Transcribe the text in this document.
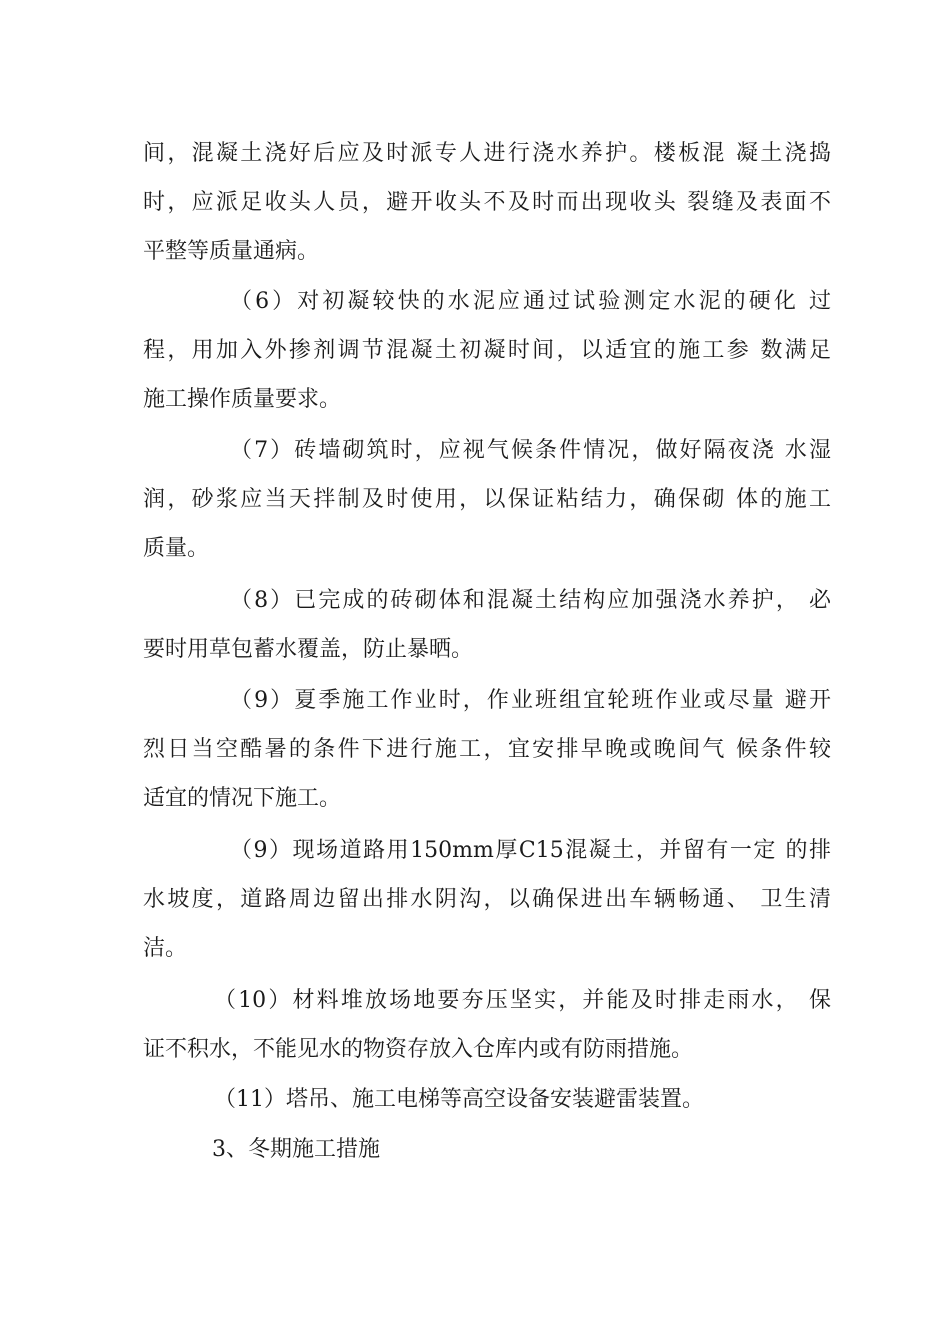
间，混凝土浇好后应及时派专人进行浇水养护。楼板混 凝土浇捣
时，应派足收头人员，避开收头不及时而出现收头 裂缝及表面不
平整等质量通病。
（6）对初凝较快的水泥应通过试验测定水泥的硬化 过
程，用加入外掺剂调节混凝土初凝时间，以适宜的施工参 数满足
施工操作质量要求。
（7）砖墙砌筑时，应视气候条件情况，做好隔夜浇 水湿
润，砂浆应当天拌制及时使用，以保证粘结力，确保砌 体的施工
质量。
（8）已完成的砖砌体和混凝土结构应加强浇水养护， 必
要时用草包蓄水覆盖，防止暴晒。
（9）夏季施工作业时，作业班组宜轮班作业或尽量 避开
烈日当空酷暑的条件下进行施工，宜安排早晚或晚间气 候条件较
适宜的情况下施工。
（9）现场道路用150mm厚C15混凝土，并留有一定 的排
水坡度，道路周边留出排水阴沟，以确保进出车辆畅通、 卫生清
洁。
（10）材料堆放场地要夯压坚实，并能及时排走雨水， 保
证不积水，不能见水的物资存放入仓库内或有防雨措施。
（11）塔吊、施工电梯等高空设备安装避雷装置。
3、冬期施工措施
